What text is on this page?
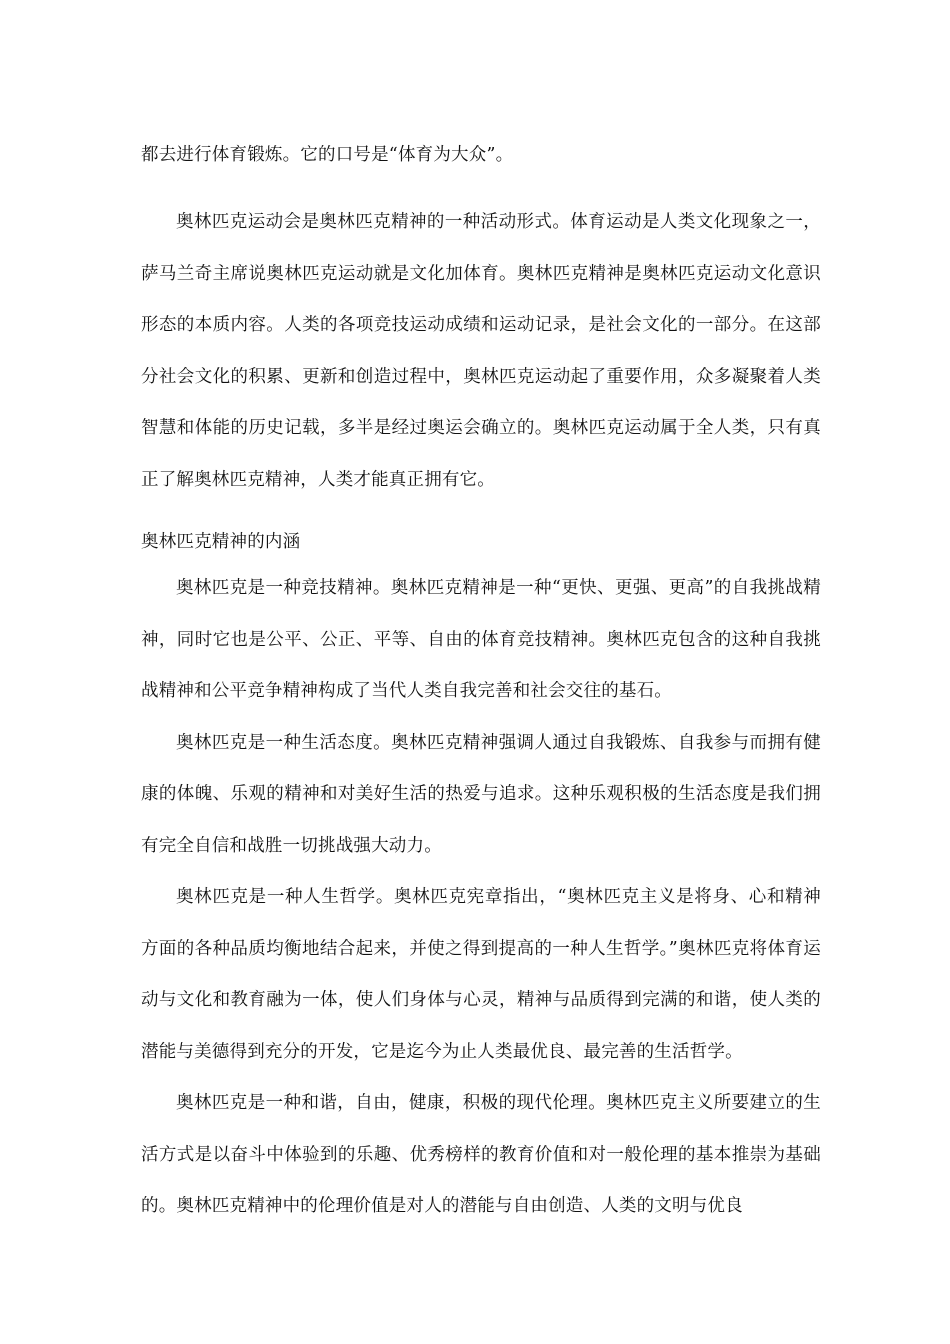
都去进行体育锻炼。它的口号是“体育为大众”。

奥林匹克运动会是奥林匹克精神的一种活动形式。体育运动是人类文化现象之一，萨马兰奇主席说奥林匹克运动就是文化加体育。奥林匹克精神是奥林匹克运动文化意识形态的本质内容。人类的各项竞技运动成绩和运动记录，是社会文化的一部分。在这部分社会文化的积累、更新和创造过程中，奥林匹克运动起了重要作用，众多凝聚着人类智慧和体能的历史记载，多半是经过奥运会确立的。奥林匹克运动属于全人类，只有真正了解奥林匹克精神，人类才能真正拥有它。

奥林匹克精神的内涵

奥林匹克是一种竞技精神。奥林匹克精神是一种“更快、更强、更高”的自我挑战精神，同时它也是公平、公正、平等、自由的体育竞技精神。奥林匹克包含的这种自我挑战精神和公平竞争精神构成了当代人类自我完善和社会交往的基石。

奥林匹克是一种生活态度。奥林匹克精神强调人通过自我锻炼、自我参与而拥有健康的体魄、乐观的精神和对美好生活的热爱与追求。这种乐观积极的生活态度是我们拥有完全自信和战胜一切挑战强大动力。

奥林匹克是一种人生哲学。奥林匹克宪章指出，“奥林匹克主义是将身、心和精神方面的各种品质均衡地结合起来，并使之得到提高的一种人生哲学。”奥林匹克将体育运动与文化和教育融为一体，使人们身体与心灵，精神与品质得到完满的和谐，使人类的潜能与美德得到充分的开发，它是迄今为止人类最优良、最完善的生活哲学。

奥林匹克是一种和谐，自由，健康，积极的现代伦理。奥林匹克主义所要建立的生活方式是以奋斗中体验到的乐趣、优秀榜样的教育价值和对一般伦理的基本推崇为基础的。奥林匹克精神中的伦理价值是对人的潜能与自由创造、人类的文明与优良
